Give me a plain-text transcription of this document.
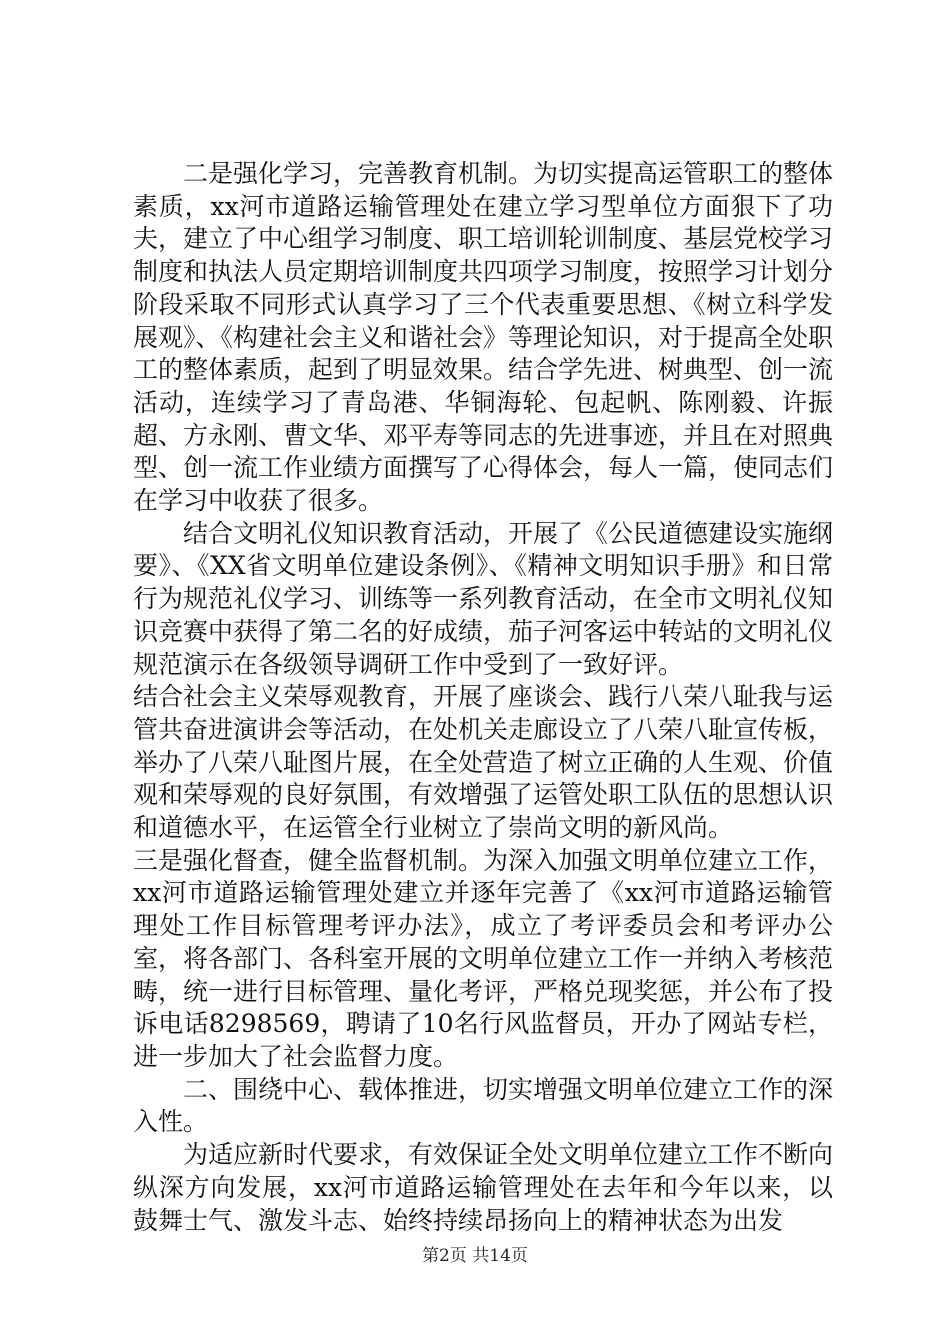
二是强化学习，完善教育机制。为切实提高运管职工的整体素质，xx河市道路运输管理处在建立学习型单位方面狠下了功夫，建立了中心组学习制度、职工培训轮训制度、基层党校学习制度和执法人员定期培训制度共四项学习制度，按照学习计划分阶段采取不同形式认真学习了三个代表重要思想、《树立科学发展观》、《构建社会主义和谐社会》等理论知识，对于提高全处职工的整体素质，起到了明显效果。结合学先进、树典型、创一流活动，连续学习了青岛港、华铜海轮、包起帆、陈刚毅、许振超、方永刚、曹文华、邓平寿等同志的先进事迹，并且在对照典型、创一流工作业绩方面撰写了心得体会，每人一篇，使同志们在学习中收获了很多。

结合文明礼仪知识教育活动，开展了《公民道德建设实施纲要》、《XX省文明单位建设条例》、《精神文明知识手册》和日常行为规范礼仪学习、训练等一系列教育活动，在全市文明礼仪知识竞赛中获得了第二名的好成绩，茄子河客运中转站的文明礼仪规范演示在各级领导调研工作中受到了一致好评。

结合社会主义荣辱观教育，开展了座谈会、践行八荣八耻我与运管共奋进演讲会等活动，在处机关走廊设立了八荣八耻宣传板，举办了八荣八耻图片展，在全处营造了树立正确的人生观、价值观和荣辱观的良好氛围，有效增强了运管处职工队伍的思想认识和道德水平，在运管全行业树立了崇尚文明的新风尚。

三是强化督查，健全监督机制。为深入加强文明单位建立工作，xx河市道路运输管理处建立并逐年完善了《xx河市道路运输管理处工作目标管理考评办法》，成立了考评委员会和考评办公室，将各部门、各科室开展的文明单位建立工作一并纳入考核范畴，统一进行目标管理、量化考评，严格兑现奖惩，并公布了投诉电话8298569，聘请了10名行风监督员，开办了网站专栏，进一步加大了社会监督力度。

二、围绕中心、载体推进，切实增强文明单位建立工作的深入性。

为适应新时代要求，有效保证全处文明单位建立工作不断向纵深方向发展，xx河市道路运输管理处在去年和今年以来，以鼓舞士气、激发斗志、始终持续昂扬向上的精神状态为出发

第2页 共14页
